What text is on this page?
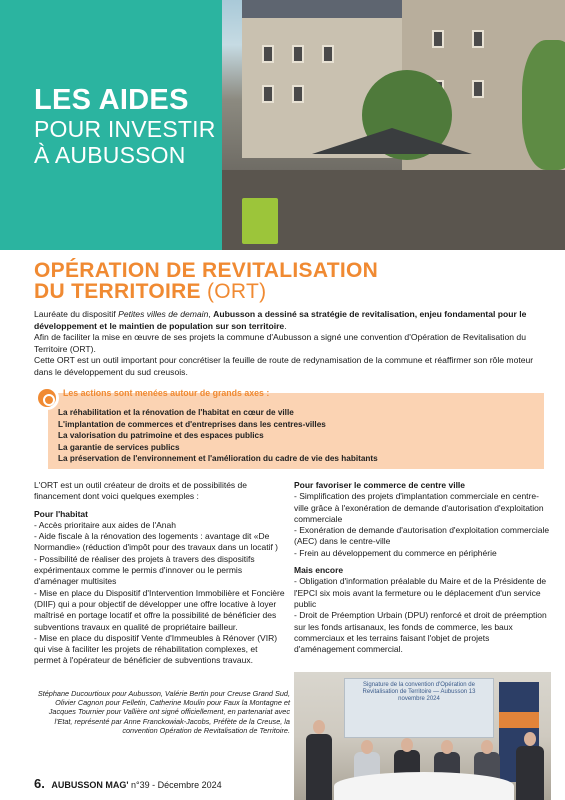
LES AIDES
POUR INVESTIR
À AUBUSSON
OPÉRATION DE REVITALISATION
DU TERRITOIRE (ORT)

Lauréate du dispositif Petites villes de demain, Aubusson a dessiné sa stratégie de revitalisation, enjeu fondamental pour le développement et le maintien de population sur son territoire.

Afin de faciliter la mise en œuvre de ses projets la commune d'Aubusson a signé une convention d'Opération de Revitalisation du Territoire (ORT).

Cette ORT est un outil important pour concrétiser la feuille de route de redynamisation de la commune et réaffirmer son rôle moteur dans le développement du sud creusois.

Les actions sont menées autour de grands axes :
La réhabilitation et la rénovation de l'habitat en cœur de ville
L'implantation de commerces et d'entreprises dans les centres-villes
La valorisation du patrimoine et des espaces publics
La garantie de services publics
La préservation de l'environnement et l'amélioration du cadre de vie des habitants

L'ORT est un outil créateur de droits et de possibilités de financement dont voici quelques exemples :

Pour l'habitat

- Accès prioritaire aux aides de l'Anah

- Aide fiscale à la rénovation des logements : avantage dit «De Normandie» (réduction d'impôt pour des travaux dans un locatif )

- Possibilité de réaliser des projets à travers des dispositifs expérimentaux comme le permis d'innover ou le permis d'aménager multisites

- Mise en place du Dispositif d'Intervention Immobilière et Foncière (DIIF) qui a pour objectif de développer une offre locative à loyer maîtrisé en portage locatif et offre la possibilité de bénéficier des subventions travaux en qualité de propriétaire bailleur.

- Mise en place du dispositif Vente d'Immeubles à Rénover (VIR) qui vise à faciliter les projets de réhabilitation complexes, et permet à l'opérateur de bénéficier de subventions travaux.

Pour favoriser le commerce de centre ville

- Simplification des projets d'implantation commerciale en centre-ville grâce à l'exonération de demande d'autorisation d'exploitation commerciale

- Exonération de demande d'autorisation d'exploitation commerciale (AEC) dans le centre-ville

- Frein au développement du commerce en périphérie

Mais encore

- Obligation d'information préalable du Maire et de la Présidente de l'EPCI six mois avant la fermeture ou le déplacement d'un service public

- Droit de Préemption Urbain (DPU) renforcé et droit de préemption sur les fonds artisanaux, les fonds de commerce, les baux commerciaux et les terrains faisant l'objet de projets d'aménagement commercial.

Stéphane Ducourtioux pour Aubusson, Valérie Bertin pour Creuse Grand Sud, Olivier Cagnon pour Felletin, Catherine Moulin pour Faux la Montagne et Jacques Tournier pour Vallière ont signé officiellement, en partenariat avec l'Etat, représenté par Anne Franckowiak-Jacobs, Préfète de la Creuse, la convention Opération de Revitalisation de Territoire.
Signature de la convention d'Opération de Revitalisation de Territoire — Aubusson 13 novembre 2024
6. AUBUSSON MAG' n°39 - Décembre 2024
